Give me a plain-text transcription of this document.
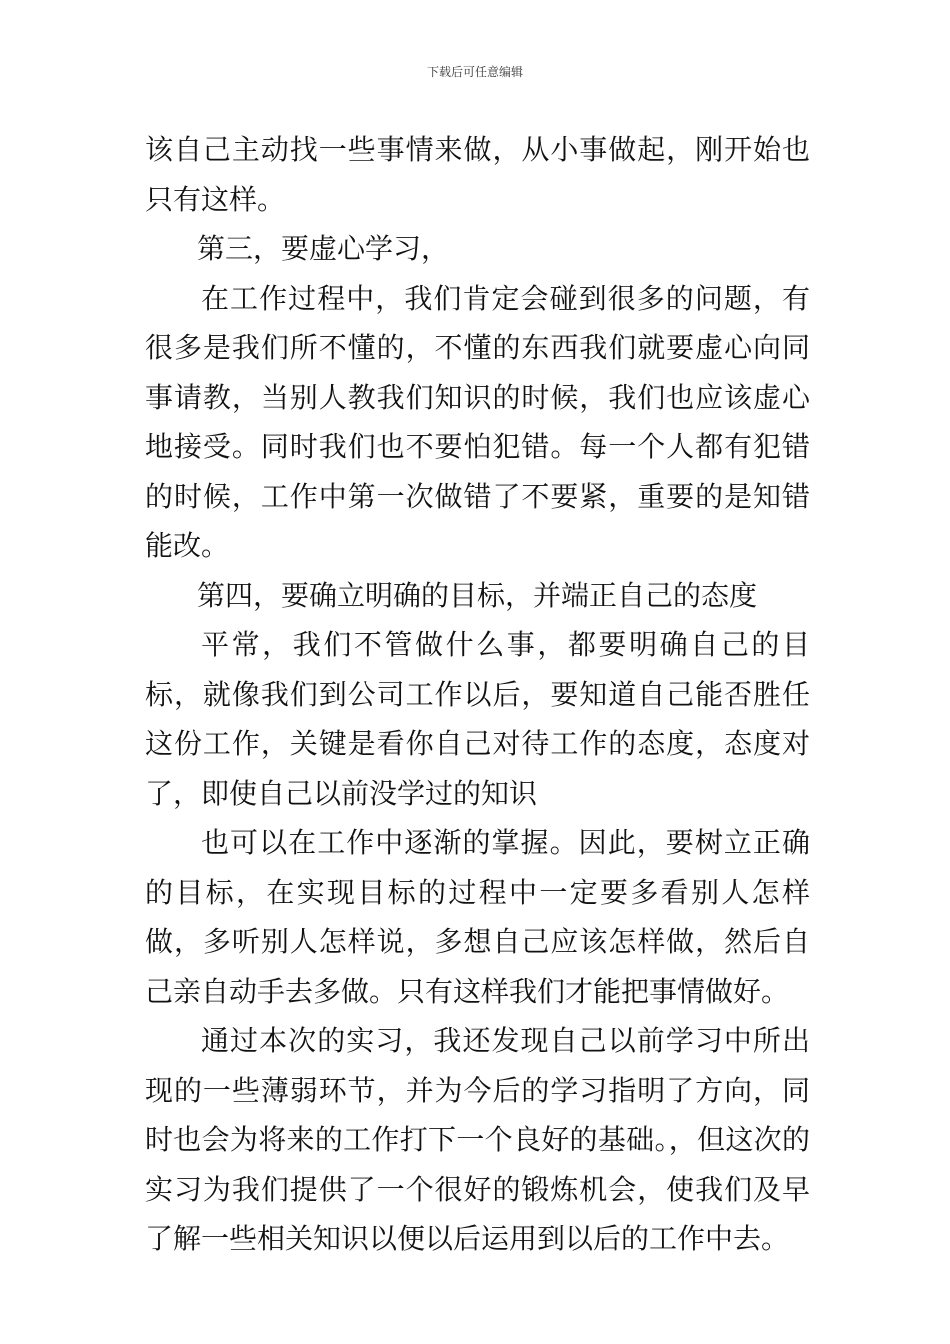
下载后可任意编辑

该自己主动找一些事情来做，从小事做起，刚开始也只有这样。

第三，要虚心学习，

在工作过程中，我们肯定会碰到很多的问题，有很多是我们所不懂的，不懂的东西我们就要虚心向同事请教，当别人教我们知识的时候，我们也应该虚心地接受。同时我们也不要怕犯错。每一个人都有犯错的时候，工作中第一次做错了不要紧，重要的是知错能改。

第四，要确立明确的目标，并端正自己的态度

平常，我们不管做什么事，都要明确自己的目标，就像我们到公司工作以后，要知道自己能否胜任这份工作，关键是看你自己对待工作的态度，态度对了，即使自己以前没学过的知识

也可以在工作中逐渐的掌握。因此，要树立正确的目标，在实现目标的过程中一定要多看别人怎样做，多听别人怎样说，多想自己应该怎样做，然后自己亲自动手去多做。只有这样我们才能把事情做好。

通过本次的实习，我还发现自己以前学习中所出现的一些薄弱环节，并为今后的学习指明了方向，同时也会为将来的工作打下一个良好的基础。，但这次的实习为我们提供了一个很好的锻炼机会，使我们及早了解一些相关知识以便以后运用到以后的工作中去。
